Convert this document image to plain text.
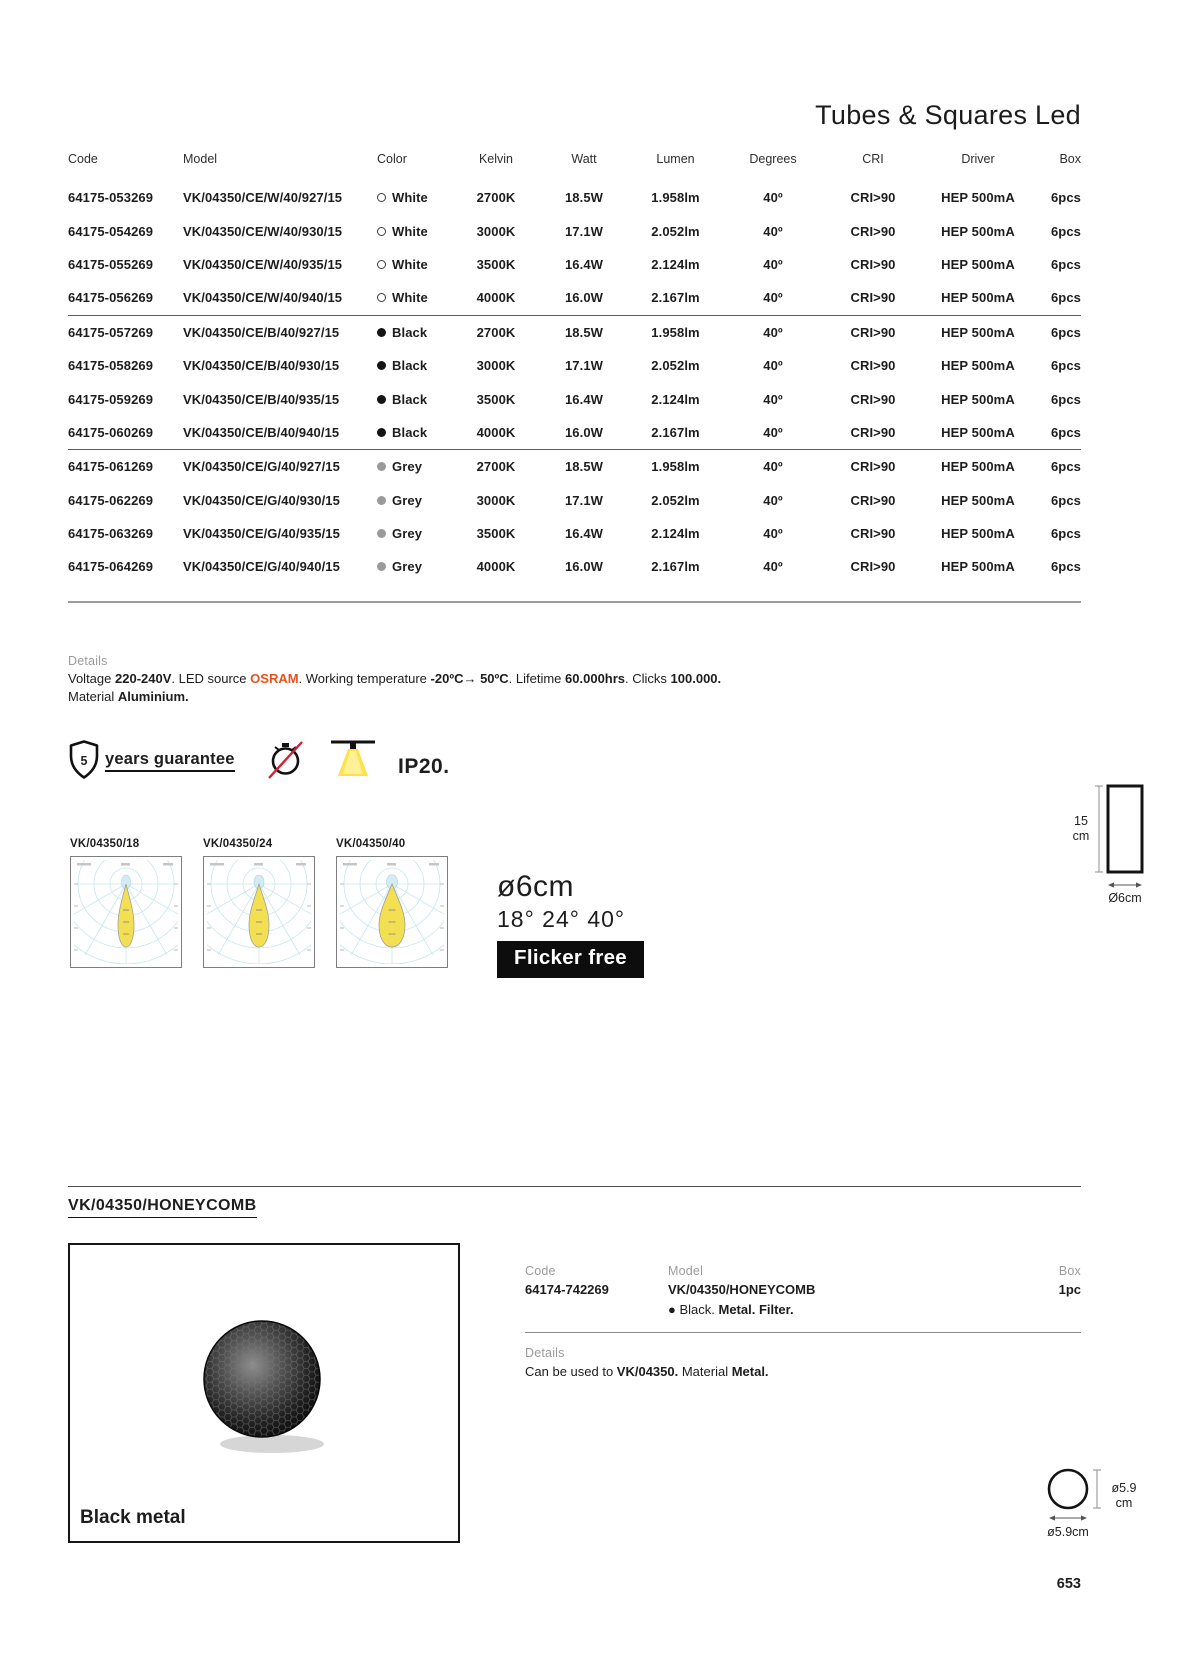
Tubes & Squares Led
Code	Model	Color	Kelvin	Watt	Lumen	Degrees	CRI	Driver	Box
64175-053269	VK/04350/CE/W/40/927/15	White	2700K	18.5W	1.958lm	40º	CRI>90	HEP 500mA	6pcs
64175-054269	VK/04350/CE/W/40/930/15	White	3000K	17.1W	2.052lm	40º	CRI>90	HEP 500mA	6pcs
64175-055269	VK/04350/CE/W/40/935/15	White	3500K	16.4W	2.124lm	40º	CRI>90	HEP 500mA	6pcs
64175-056269	VK/04350/CE/W/40/940/15	White	4000K	16.0W	2.167lm	40º	CRI>90	HEP 500mA	6pcs
64175-057269	VK/04350/CE/B/40/927/15	Black	2700K	18.5W	1.958lm	40º	CRI>90	HEP 500mA	6pcs
64175-058269	VK/04350/CE/B/40/930/15	Black	3000K	17.1W	2.052lm	40º	CRI>90	HEP 500mA	6pcs
64175-059269	VK/04350/CE/B/40/935/15	Black	3500K	16.4W	2.124lm	40º	CRI>90	HEP 500mA	6pcs
64175-060269	VK/04350/CE/B/40/940/15	Black	4000K	16.0W	2.167lm	40º	CRI>90	HEP 500mA	6pcs
64175-061269	VK/04350/CE/G/40/927/15	Grey	2700K	18.5W	1.958lm	40º	CRI>90	HEP 500mA	6pcs
64175-062269	VK/04350/CE/G/40/930/15	Grey	3000K	17.1W	2.052lm	40º	CRI>90	HEP 500mA	6pcs
64175-063269	VK/04350/CE/G/40/935/15	Grey	3500K	16.4W	2.124lm	40º	CRI>90	HEP 500mA	6pcs
64175-064269	VK/04350/CE/G/40/940/15	Grey	4000K	16.0W	2.167lm	40º	CRI>90	HEP 500mA	6pcs
Details
Voltage 220-240V. LED source OSRAM. Working temperature -20ºC→ 50ºC. Lifetime 60.000hrs. Clicks 100.000.
Material Aluminium.
5 years guarantee	IP20.
VK/04350/18	VK/04350/24	VK/04350/40
ø6cm
18° 24° 40°
Flicker free
15
cm
Ø6cm
VK/04350/HONEYCOMB
Black metal
Code
64174-742269
Model
VK/04350/HONEYCOMB
● Black. Metal. Filter.
Box
1pc
Details
Can be used to VK/04350. Material Metal.
ø5.9
cm
ø5.9cm
653
